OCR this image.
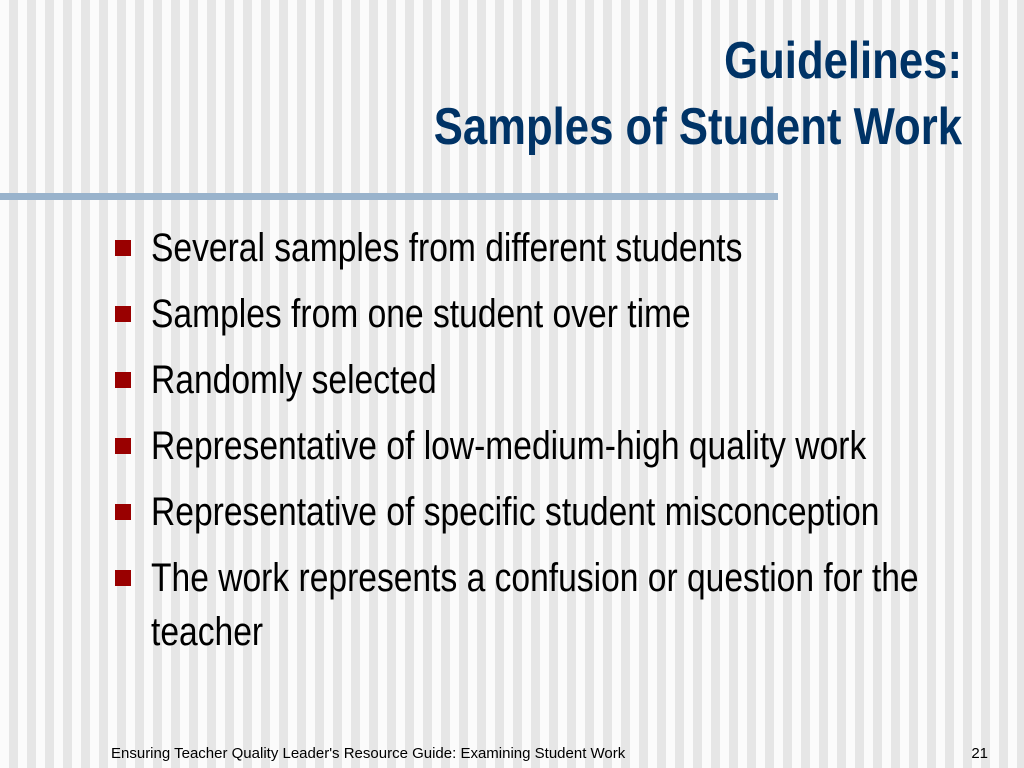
Guidelines:
Samples of Student Work
Several samples from different students
Samples from one student over time
Randomly selected
Representative of low-medium-high quality work
Representative of specific student misconception
The work represents a confusion or question for the teacher
Ensuring Teacher Quality Leader's Resource Guide: Examining Student Work	21
